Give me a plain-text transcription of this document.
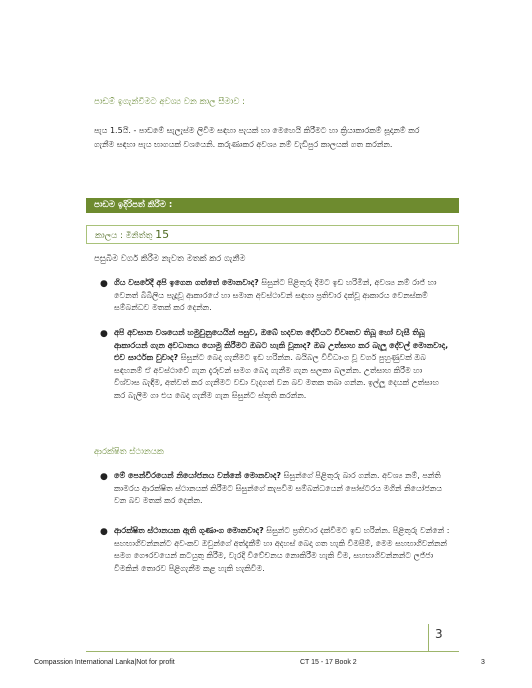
පාඩම් ඉගැන්වීමට අවශ්‍ය වන කාල සීමාව :
පැය 1.5යි. - පාඩමේ සැලැස්ම ලිවීම සඳහා පැයක් හා මෙහෙයි කිරීමට හා ක්‍රියාකාරකම් සූදානම් කර ගැනීම සඳහා පැය භාගයක් වශයෙනි. කරුණාකර අවශ්‍ය නම් වැඩිපුර කාලයක් ගත කරන්න.
පාඩම ඉදිරිපත් කිරීම :
කාලය : මිනිත්තු 15
පසුබිම වර්ග කිරීම නැවත මතක් කර ගැනීම
● ගිය වසරේදී අපි ඉගෙන ගත්තේ මොනවාද? සිසුන්ට පිළිතුරු දීමට ඉඩ හරිමින්, අවශ්‍ය නම් රාජ් හා වෙනත් බිබිලිය පැදූවූ ආකාරයේ හා සමාන අවස්ථාවන් සඳහා ප්‍රතිචාර දක්වූ ආකාරය වෙනස්කම් සම්බන්ධව මතක් කර දෙන්න.
● අපි අවසාන වශයෙන් හමුවුනුයෙයින් පසුව, ඔබේ හදවත දේවියට විවෘතව තිබූ හෝ වැසී තිබූ ආකාරයන් ගැන අවධානය යොමු කිරීමට ඔබට හැකි වූනාද? ඔබ උත්සාහ කර බැලූ දේවල් මොනවාද, එව සාර්ථක වුවාද? සිසුන්ට බෙදා ගැනීමට ඉඩ හරින්න. බයිබල විවිධාංග වූ වර්ග පුහුණුවක් ඔබ සඳහනම් ඒ අවස්ථාවේ ගැන දැරූවන් සමග බෙදා ගැනීම ගැන සලකා බලන්න. උත්සාහ කිරීම හා විශ්වාස බැඳීම, අත්වත් කර ගැනීමට වඩා වැදගත් වන බව මතක තබා ගන්න. ඉල්ලූ දෙයක් උත්සාහ කර බැලීම ගා එය බෙදා ගැනීම ගැන සිසුන්ට ස්තූති කරන්න.
ආරක්ෂිත ස්ථානයක
● මේ පෙන්වීරයෙන් නියෝජනය වන්නේ මොනවාද? සිසුන්ගේ පිළිතුරු බාර ගන්න. අවශ්‍ය නම්, පන්ති කාමරය ආරක්ෂිත ස්ථානයක් කිරීමට සිසුන්ගේ කැපවීම සම්බන්ධයෙන් පෝස්ටරය මගින් නියෝජනය වන බව මතක් කර දෙන්න.
● ආරක්ෂිත ස්ථානයක ඇති ගුණාංග මොනවාද? සිසුන්ට ප්‍රතිචාර දක්වීමට ඉඩ හරින්න. පිළිතුරු වන්නේ : සහභාගිවන්නන්ට අවංකව ඔවුන්ගේ අත්දැකීම් හා අදහස් බෙදා ගත හැකි විමසීම්, මෙම සහභාගිවන්නන් සමග ගෞරවයෙන් කටයුතු කිරීම, වැරදි විවේචනය නොකිරීම හැකි වීම, සහභාගිවන්නන්ට ලජ්ජා වීමකින් තොරව පිළිගැනීම කළ හැකි හැකිවීම.
3
Compassion International Lanka|Not for profit	CT 15 - 17 Book 2	3
